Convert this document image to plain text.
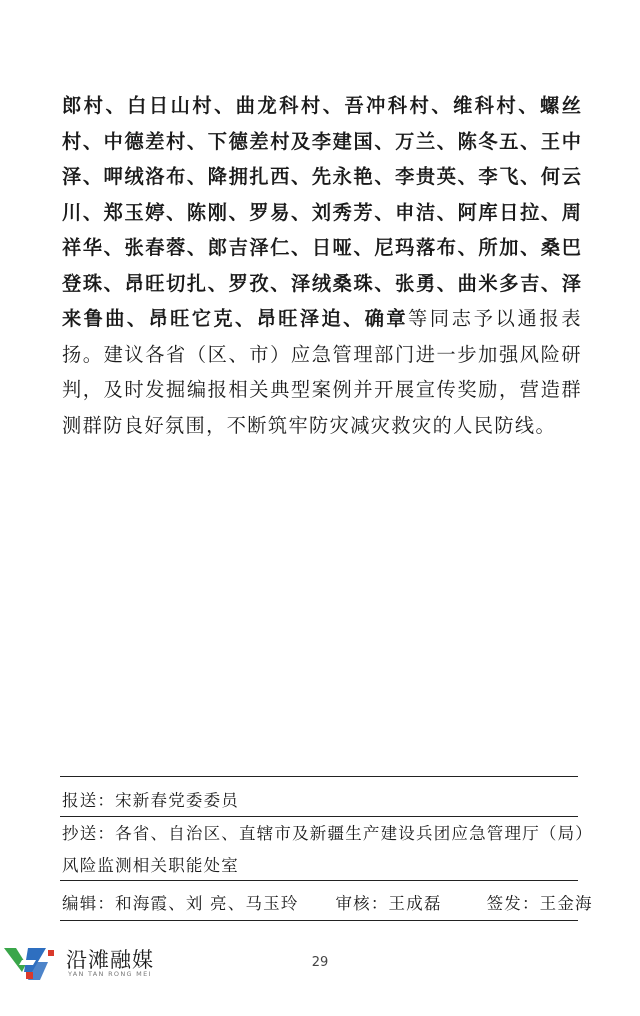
郎村、白日山村、曲龙科村、吾冲科村、维科村、螺丝村、中德差村、下德差村及李建国、万兰、陈冬五、王中泽、呷绒洛布、降拥扎西、先永艳、李贵英、李飞、何云川、郑玉婷、陈刚、罗易、刘秀芳、申洁、阿库日拉、周祥华、张春蓉、郎吉泽仁、日哑、尼玛落布、所加、桑巴登珠、昂旺切扎、罗孜、泽绒桑珠、张勇、曲米多吉、泽来鲁曲、昂旺它克、昂旺泽迫、确章等同志予以通报表扬。建议各省（区、市）应急管理部门进一步加强风险研判，及时发掘编报相关典型案例并开展宣传奖励，营造群测群防良好氛围，不断筑牢防灾减灾救灾的人民防线。
报送：宋新春党委委员
抄送：各省、自治区、直辖市及新疆生产建设兵团应急管理厅（局）
风险监测相关职能处室
编辑：和海霞、刘 亮、马玉玲 审核：王成磊	签发：王金海
29
沿滩融媒
YAN TAN RONG MEI
